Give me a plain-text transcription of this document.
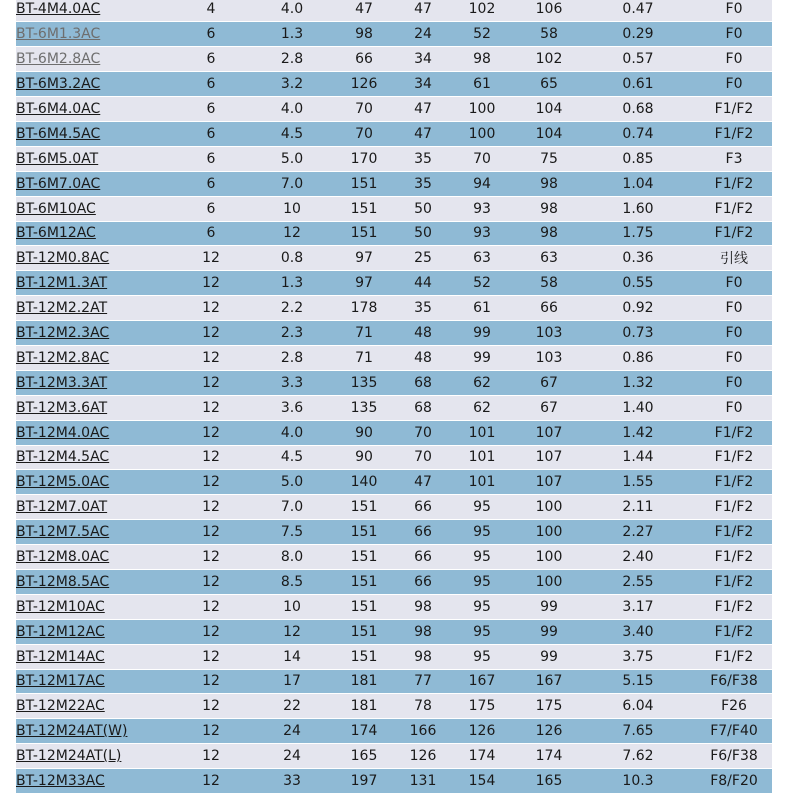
BT-4M4.0AC	4	4.0	47	47	102	106	0.47	F0
BT-6M1.3AC	6	1.3	98	24	52	58	0.29	F0
BT-6M2.8AC	6	2.8	66	34	98	102	0.57	F0
BT-6M3.2AC	6	3.2	126	34	61	65	0.61	F0
BT-6M4.0AC	6	4.0	70	47	100	104	0.68	F1/F2
BT-6M4.5AC	6	4.5	70	47	100	104	0.74	F1/F2
BT-6M5.0AT	6	5.0	170	35	70	75	0.85	F3
BT-6M7.0AC	6	7.0	151	35	94	98	1.04	F1/F2
BT-6M10AC	6	10	151	50	93	98	1.60	F1/F2
BT-6M12AC	6	12	151	50	93	98	1.75	F1/F2
BT-12M0.8AC	12	0.8	97	25	63	63	0.36	引线
BT-12M1.3AT	12	1.3	97	44	52	58	0.55	F0
BT-12M2.2AT	12	2.2	178	35	61	66	0.92	F0
BT-12M2.3AC	12	2.3	71	48	99	103	0.73	F0
BT-12M2.8AC	12	2.8	71	48	99	103	0.86	F0
BT-12M3.3AT	12	3.3	135	68	62	67	1.32	F0
BT-12M3.6AT	12	3.6	135	68	62	67	1.40	F0
BT-12M4.0AC	12	4.0	90	70	101	107	1.42	F1/F2
BT-12M4.5AC	12	4.5	90	70	101	107	1.44	F1/F2
BT-12M5.0AC	12	5.0	140	47	101	107	1.55	F1/F2
BT-12M7.0AT	12	7.0	151	66	95	100	2.11	F1/F2
BT-12M7.5AC	12	7.5	151	66	95	100	2.27	F1/F2
BT-12M8.0AC	12	8.0	151	66	95	100	2.40	F1/F2
BT-12M8.5AC	12	8.5	151	66	95	100	2.55	F1/F2
BT-12M10AC	12	10	151	98	95	99	3.17	F1/F2
BT-12M12AC	12	12	151	98	95	99	3.40	F1/F2
BT-12M14AC	12	14	151	98	95	99	3.75	F1/F2
BT-12M17AC	12	17	181	77	167	167	5.15	F6/F38
BT-12M22AC	12	22	181	78	175	175	6.04	F26
BT-12M24AT(W)	12	24	174	166	126	126	7.65	F7/F40
BT-12M24AT(L)	12	24	165	126	174	174	7.62	F6/F38
BT-12M33AC	12	33	197	131	154	165	10.3	F8/F20
